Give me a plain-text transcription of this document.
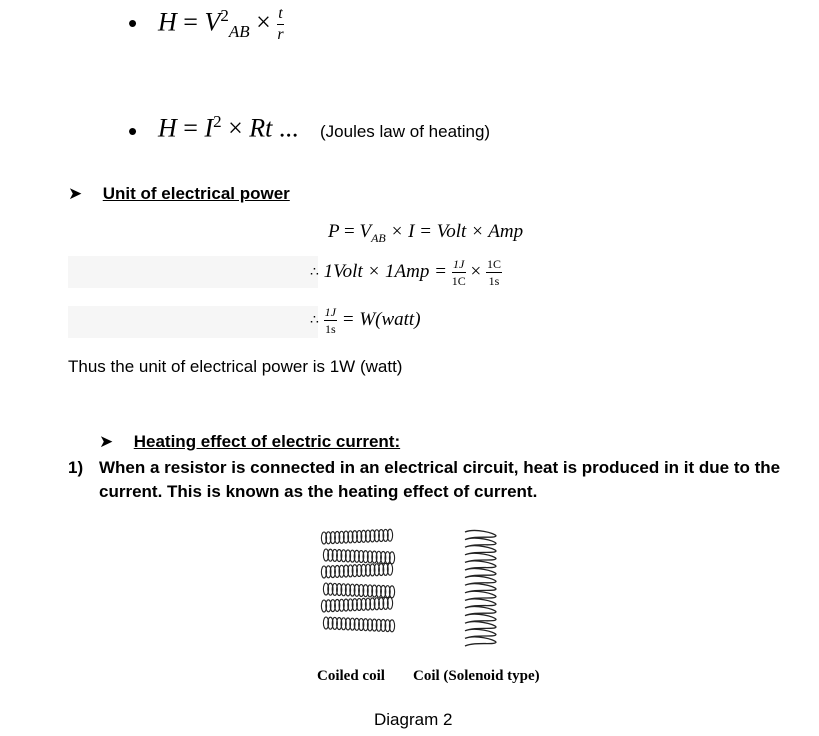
• $H = V^2_{AB} \times \frac{t}{r}$
• $H = I^2 \times Rt$ ... (Joules law of heating)
➤ Unit of electrical power
$P = V_{AB} \times I$ = Volt × Amp
∴ 1Volt × $1Amp = \frac{1J}{1C} \times \frac{1C}{1s}$
∴ $\frac{1J}{1s}$ = W(watt)
Thus the unit of electrical power is 1W (watt)
➤ Heating effect of electric current:
1) When a resistor is connected in an electrical circuit, heat is produced in it due to the
current. This is known as the heating effect of current.
Coiled coil Coil (Solenoid type)
Diagram 2
